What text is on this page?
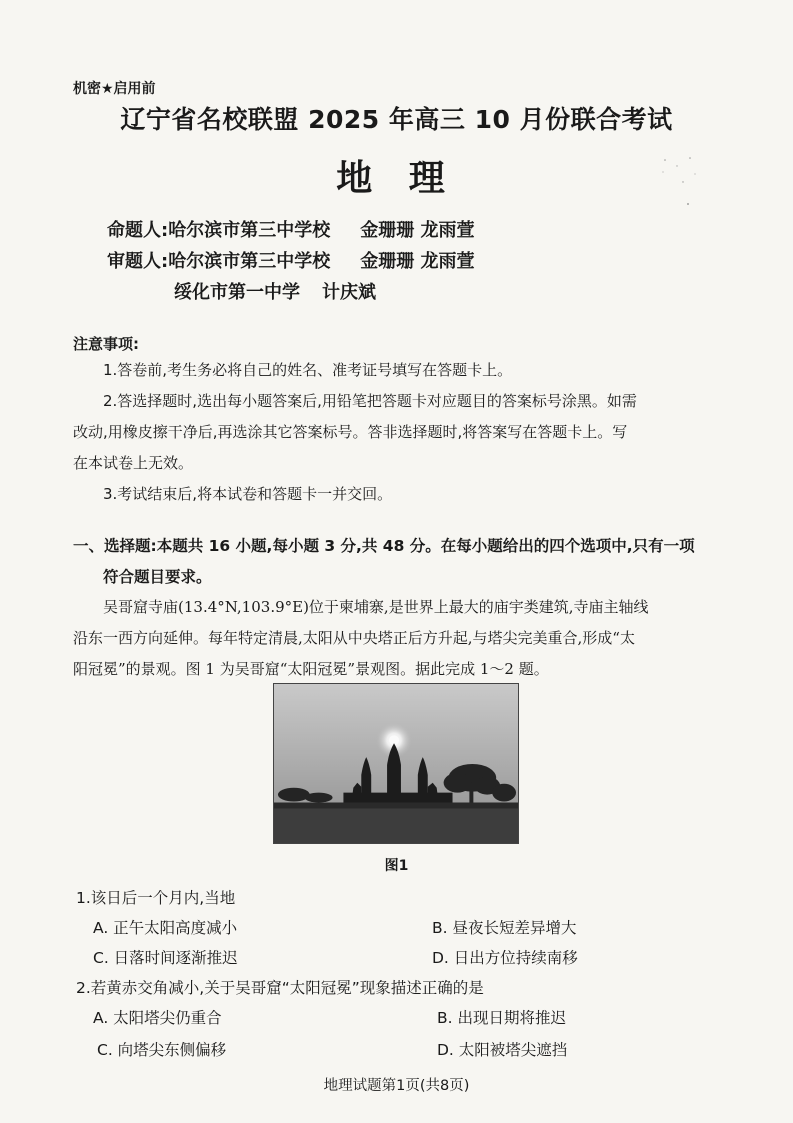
机密★启用前
辽宁省名校联盟 2025 年高三 10 月份联合考试
地 理
命题人:哈尔滨市第三中学校 金珊珊 龙雨萱
审题人:哈尔滨市第三中学校 金珊珊 龙雨萱
绥化市第一中学 计庆斌
注意事项:
1.答卷前,考生务必将自己的姓名、准考证号填写在答题卡上。
2.答选择题时,选出每小题答案后,用铅笔把答题卡对应题目的答案标号涂黑。如需
改动,用橡皮擦干净后,再选涂其它答案标号。答非选择题时,将答案写在答题卡上。写
在本试卷上无效。
3.考试结束后,将本试卷和答题卡一并交回。
一、选择题:本题共 16 小题,每小题 3 分,共 48 分。在每小题给出的四个选项中,只有一项
符合题目要求。
吴哥窟寺庙(13.4°N,103.9°E)位于柬埔寨,是世界上最大的庙宇类建筑,寺庙主轴线
沿东一西方向延伸。每年特定清晨,太阳从中央塔正后方升起,与塔尖完美重合,形成“太
阳冠冕”的景观。图 1 为吴哥窟“太阳冠冕”景观图。据此完成 1～2 题。
图1
1.该日后一个月内,当地
A. 正午太阳高度减小	B. 昼夜长短差异增大
C. 日落时间逐渐推迟	D. 日出方位持续南移
2.若黄赤交角减小,关于吴哥窟“太阳冠冕”现象描述正确的是
A. 太阳塔尖仍重合	B. 出现日期将推迟
C. 向塔尖东侧偏移	D. 太阳被塔尖遮挡
地理试题第1页(共8页)
